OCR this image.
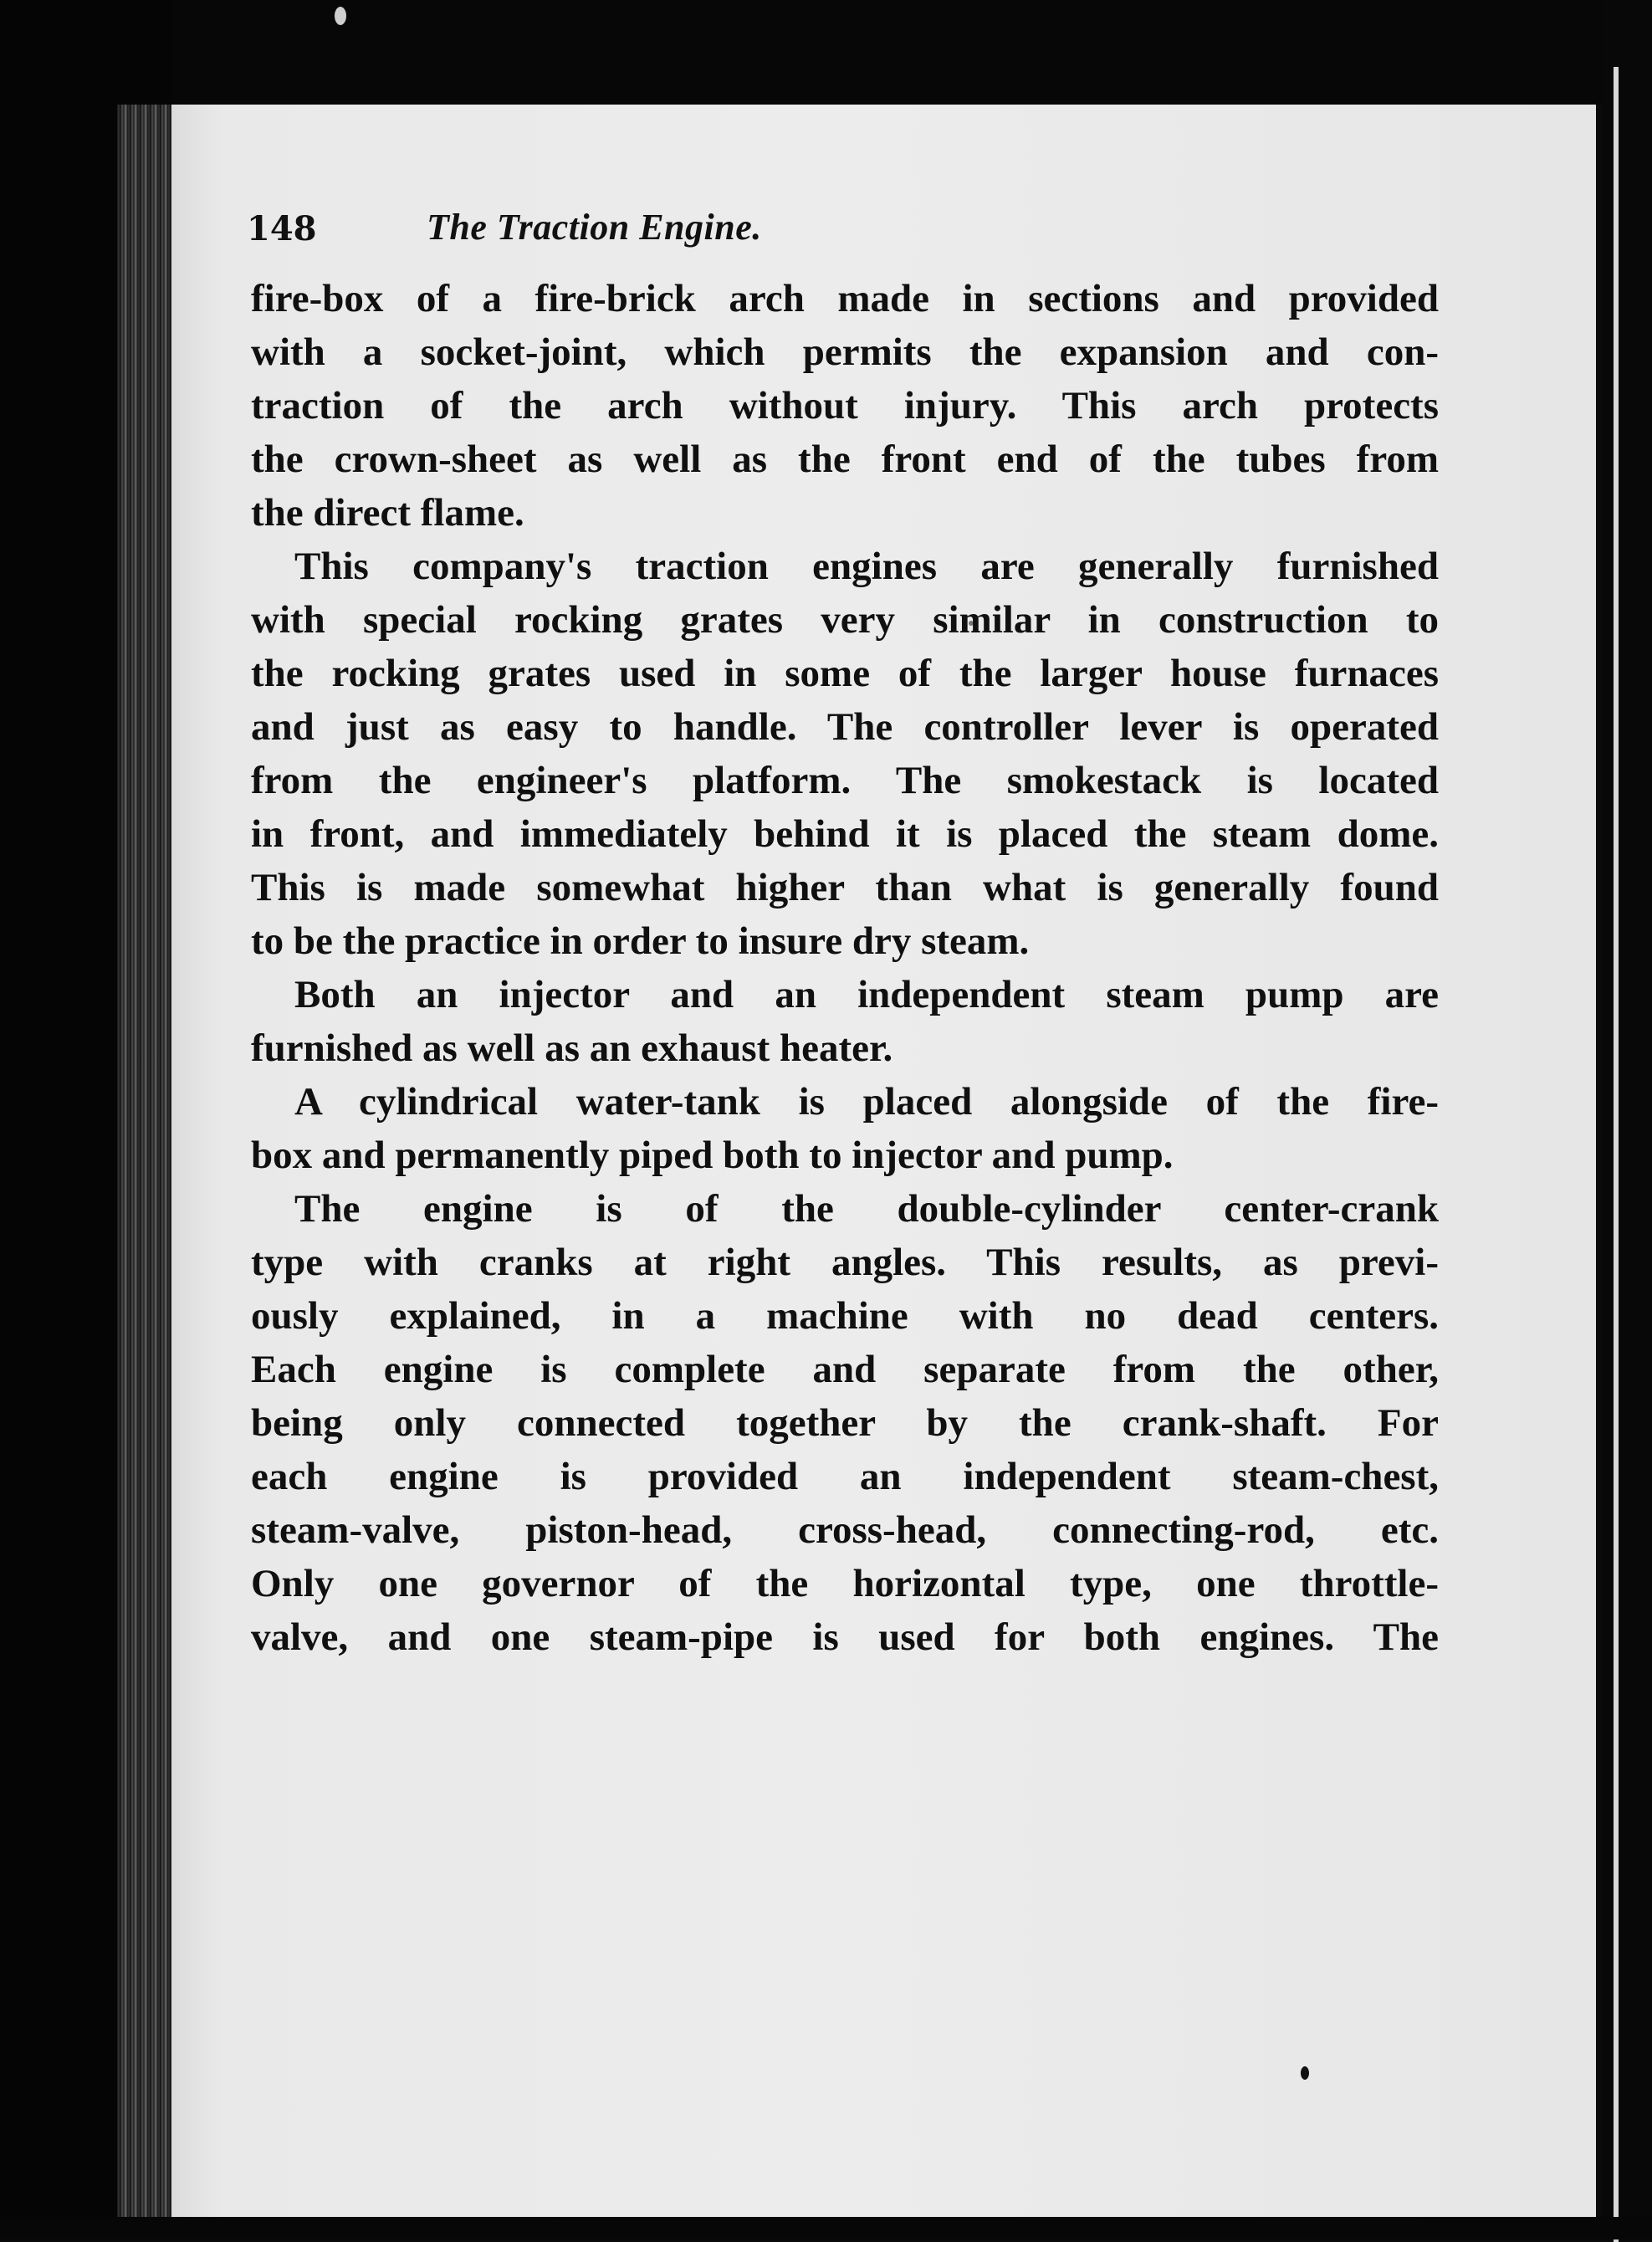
148	The Traction Engine.
fire-box of a fire-brick arch made in sections and provided
with a socket-joint, which permits the expansion and con-
traction of the arch without injury. This arch protects
the crown-sheet as well as the front end of the tubes from
the direct flame.
This company's traction engines are generally furnished
with special rocking grates very similar in construction to
the rocking grates used in some of the larger house furnaces
and just as easy to handle. The controller lever is operated
from the engineer's platform. The smokestack is located
in front, and immediately behind it is placed the steam dome.
This is made somewhat higher than what is generally found
to be the practice in order to insure dry steam.
Both an injector and an independent steam pump are
furnished as well as an exhaust heater.
A cylindrical water-tank is placed alongside of the fire-
box and permanently piped both to injector and pump.
The engine is of the double-cylinder center-crank
type with cranks at right angles. This results, as previ-
ously explained, in a machine with no dead centers.
Each engine is complete and separate from the other,
being only connected together by the crank-shaft. For
each engine is provided an independent steam-chest,
steam-valve, piston-head, cross-head, connecting-rod, etc.
Only one governor of the horizontal type, one throttle-
valve, and one steam-pipe is used for both engines. The
